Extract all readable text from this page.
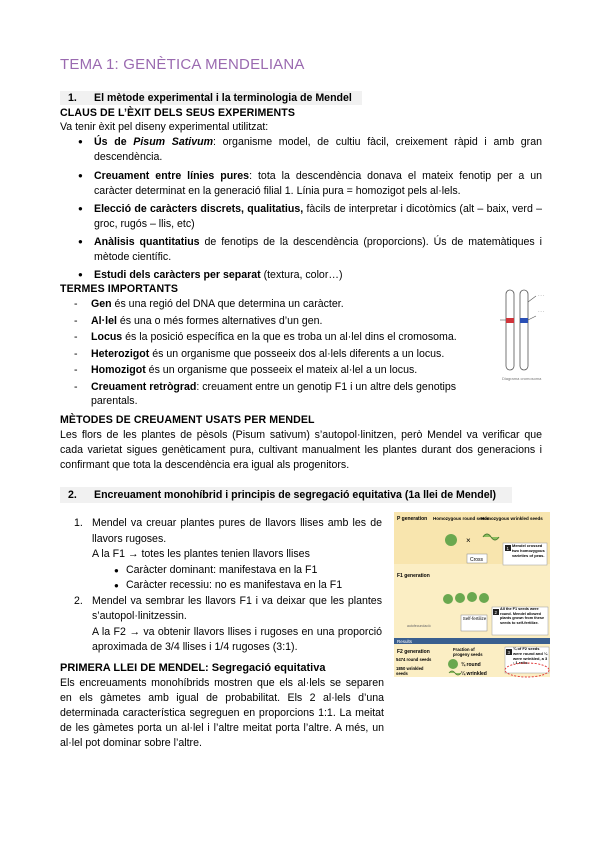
TEMA 1: GENÈTICA MENDELIANA
1. El mètode experimental i la terminologia de Mendel
CLAUS DE L’ÈXIT DELS SEUS EXPERIMENTS
Va tenir èxit pel diseny experimental utilitzat:
● Ús de Pisum Sativum: organisme model, de cultiu fàcil, creixement ràpid i amb gran descendència.
● Creuament entre línies pures: tota la descendència donava el mateix fenotip per a un caràcter determinat en la generació filial 1. Línia pura = homozigot pels al·lels.
● Elecció de caràcters discrets, qualitatius, fàcils de interpretar i dicotòmics (alt – baix, verd – groc, rugós – llis, etc)
● Anàlisis quantitatius de fenotips de la descendència (proporcions). Ús de matemàtiques i mètode científic.
● Estudi dels caràcters per separat (textura, color…)
TERMES IMPORTANTS
- Gen és una regió del DNA que determina un caràcter.
- Al·lel és una o més formes alternatives d’un gen.
- Locus és la posició específica en la que es troba un al·lel dins el cromosoma.
- Heterozigot és un organisme que posseeix dos al·lels diferents a un locus.
- Homozigot és un organisme que posseeix el mateix al·lel a un locus.
- Creuament retrògrad: creuament entre un genotip F1 i un altre dels genotips parentals.
- - -
- - -
Diagrama cromosoma
MÈTODES DE CREUAMENT USATS PER MENDEL
Les flors de les plantes de pèsols (Pisum sativum) s’autopol·linitzen, però Mendel va verificar que cada varietat sigues genèticament pura, cultivant manualment les plantes durant dos generacions i confirmant que tota la descendència era igual als progenitors.
2. Encreuament monohíbrid i principis de segregació equitativa (1a llei de Mendel)
1. Mendel va creuar plantes pures de llavors llises amb les de llavors rugoses.
A la F1 → totes les plantes tenien llavors llises
● Caràcter dominant: manifestava en la F1
● Caràcter recessiu: no es manifestava en la F1
2. Mendel va sembrar les llavors F1 i va deixar que les plantes s’autopol·linitzessin.
A la F2 → va obtenir llavors llises i rugoses en una proporció aproximada de 3/4 llises i 1/4 rugoses (3:1).
PRIMERA LLEI DE MENDEL: Segregació equitativa
Els encreuaments monohíbrids mostren que els al·lels se separen en els gàmetes amb igual de probabilitat. Els 2 al·lels d’una determinada característica segreguen en proporcions 1:1. La meitat de les gàmetes porta un al·lel i l’altre meitat porta l’altre. A més, un al·lel pot dominar sobre l’altre.
P generation Homozygous round seeds
Homozygous wrinkled seeds
×
Cross
1
Mendel crossed two homozygous varieties of peas.
F1 generation
autofecundació
Self-fertilize
2
All the F1 seeds were round. Mendel allowed plants grown from these seeds to self-fertilize.
Results
F2 generation	Fraction of progeny seeds
5474 round seeds
1850 wrinkled seeds
¾ round
¼ wrinkled
3
¾ of F2 seeds were round and ¼ were wrinkled, a 3 : 1 ratio.
